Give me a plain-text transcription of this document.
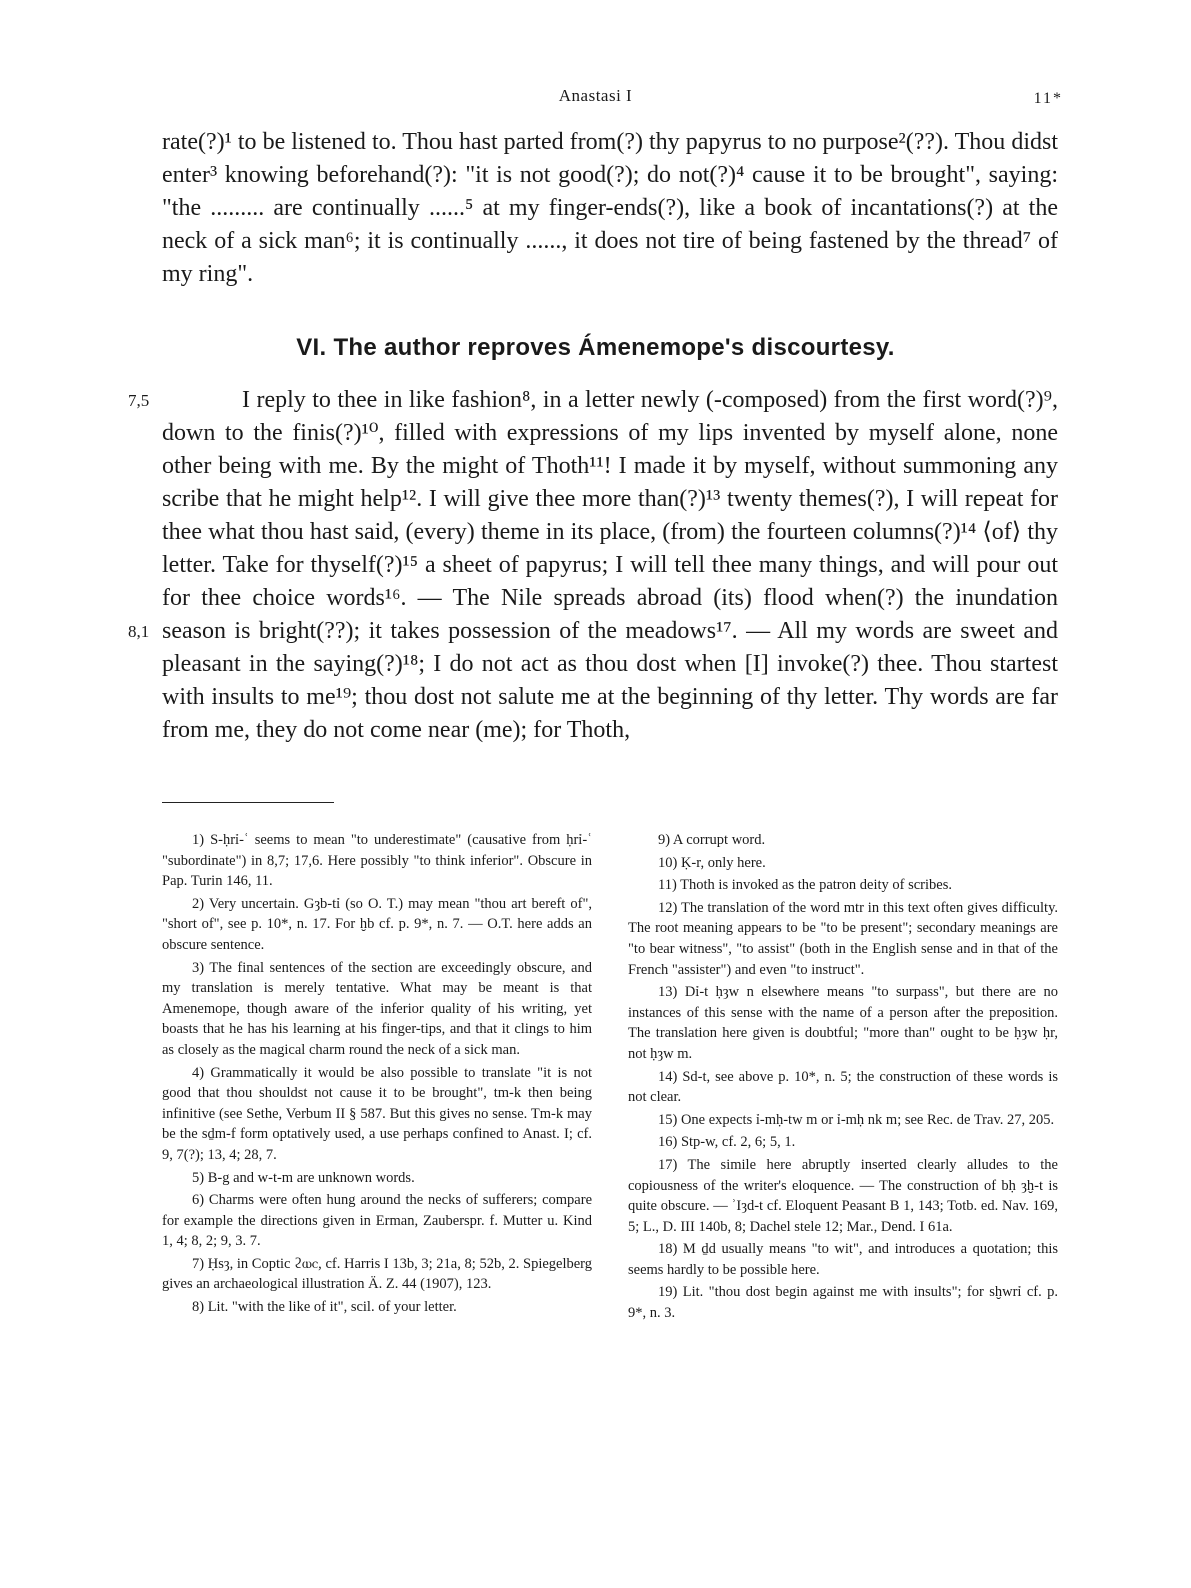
Anastasi I	11*

rate(?)¹ to be listened to. Thou hast parted from(?) thy papyrus to no purpose²(??). Thou didst enter³ knowing beforehand(?): "it is not good(?); do not(?)⁴ cause it to be brought", saying: "the ......... are continually ......⁵ at my finger-ends(?), like a book of incantations(?) at the neck of a sick man⁶; it is continually ......, it does not tire of being fastened by the thread⁷ of my ring".

VI. The author reproves Ámenemope's discourtesy.
7,5
8,1

I reply to thee in like fashion⁸, in a letter newly (-composed) from the first word(?)⁹, down to the finis(?)¹⁰, filled with expressions of my lips invented by myself alone, none other being with me. By the might of Thoth¹¹! I made it by myself, without summoning any scribe that he might help¹². I will give thee more than(?)¹³ twenty themes(?), I will repeat for thee what thou hast said, (every) theme in its place, (from) the fourteen columns(?)¹⁴ ⟨of⟩ thy letter. Take for thyself(?)¹⁵ a sheet of papyrus; I will tell thee many things, and will pour out for thee choice words¹⁶. — The Nile spreads abroad (its) flood when(?) the inundation season is bright(??); it takes possession of the meadows¹⁷. — All my words are sweet and pleasant in the saying(?)¹⁸; I do not act as thou dost when [I] invoke(?) thee. Thou startest with insults to me¹⁹; thou dost not salute me at the beginning of thy letter. Thy words are far from me, they do not come near (me); for Thoth,

1) S-ḥrỉ-ʿ seems to mean "to underestimate" (causative from ḥrỉ-ʿ "subordinate") in 8,7; 17,6. Here possibly "to think inferior". Obscure in Pap. Turin 146, 11.

2) Very uncertain. Gȝb-tỉ (so O. T.) may mean "thou art bereft of", "short of", see p. 10*, n. 17. For ḫb cf. p. 9*, n. 7. — O.T. here adds an obscure sentence.

3) The final sentences of the section are exceedingly obscure, and my translation is merely tentative. What may be meant is that Amenemope, though aware of the inferior quality of his writing, yet boasts that he has his learning at his finger-tips, and that it clings to him as closely as the magical charm round the neck of a sick man.

4) Grammatically it would be also possible to translate "it is not good that thou shouldst not cause it to be brought", tm-k then being infinitive (see Sethe, Verbum II § 587. But this gives no sense. Tm-k may be the sḏm-f form optatively used, a use perhaps confined to Anast. I; cf. 9, 7(?); 13, 4; 28, 7.

5) B-g and w-t-m are unknown words.

6) Charms were often hung around the necks of sufferers; compare for example the directions given in Erman, Zauberspr. f. Mutter u. Kind 1, 4; 8, 2; 9, 3. 7.

7) Ḥsȝ, in Coptic ϩⲱⲥ, cf. Harris I 13b, 3; 21a, 8; 52b, 2. Spiegelberg gives an archaeological illustration Ä. Z. 44 (1907), 123.

8) Lit. "with the like of it", scil. of your letter.

9) A corrupt word.

10) Ḳ-r, only here.

11) Thoth is invoked as the patron deity of scribes.

12) The translation of the word mtr in this text often gives difficulty. The root meaning appears to be "to be present"; secondary meanings are "to bear witness", "to assist" (both in the English sense and in that of the French "assister") and even "to instruct".

13) Dỉ-t ḥȝw n elsewhere means "to surpass", but there are no instances of this sense with the name of a person after the preposition. The translation here given is doubtful; "more than" ought to be ḥȝw ḥr, not ḥȝw m.

14) Sd-t, see above p. 10*, n. 5; the construction of these words is not clear.

15) One expects ỉ-mḥ-tw m or ỉ-mḥ nk m; see Rec. de Trav. 27, 205.

16) Stp-w, cf. 2, 6; 5, 1.

17) The simile here abruptly inserted clearly alludes to the copiousness of the writer's eloquence. — The construction of bḥ ȝḫ-t is quite obscure. — ʾIȝd-t cf. Eloquent Peasant B 1, 143; Totb. ed. Nav. 169, 5; L., D. III 140b, 8; Dachel stele 12; Mar., Dend. I 61a.

18) M ḏd usually means "to wit", and introduces a quotation; this seems hardly to be possible here.

19) Lit. "thou dost begin against me with insults"; for sḫwrỉ cf. p. 9*, n. 3.
